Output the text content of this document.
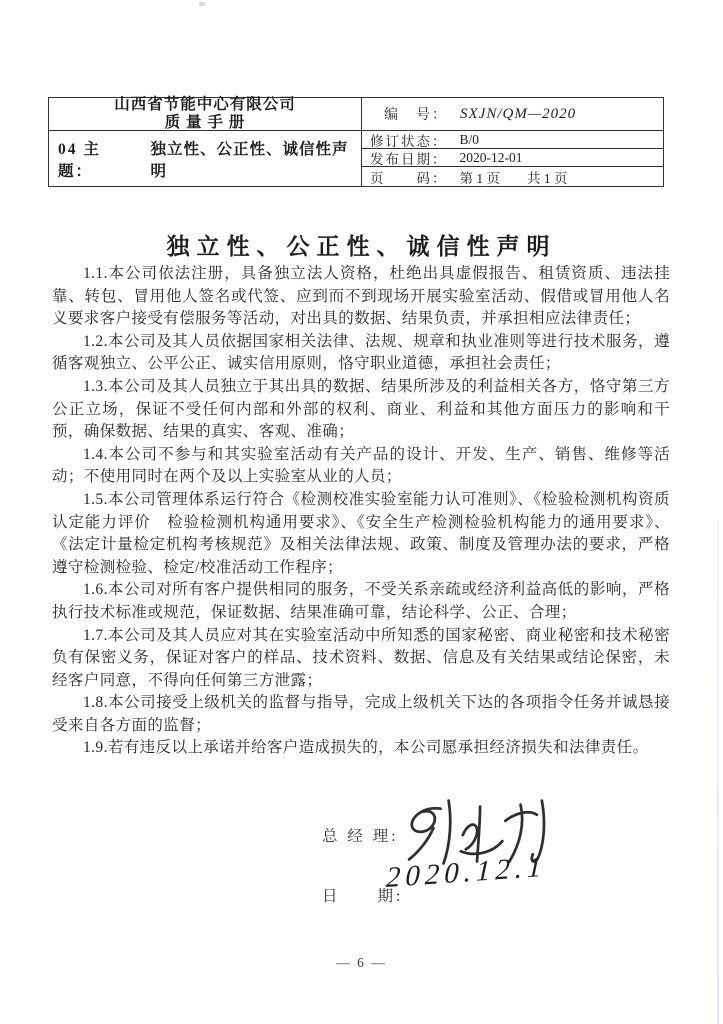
山西省节能中心有限公司
质 量 手 册	编　号： SXJN/QM—2020
04 主题：
独立性、公正性、诚信性声明
修订状态： B/0
发布日期： 2020-12-01
页　　码： 第 1 页　　共 1 页
独立性、公正性、诚信性声明

1.1.本公司依法注册，具备独立法人资格，杜绝出具虚假报告、租赁资质、违法挂靠、转包、冒用他人签名或代签、应到而不到现场开展实验室活动、假借或冒用他人名义要求客户接受有偿服务等活动，对出具的数据、结果负责，并承担相应法律责任；

1.2.本公司及其人员依据国家相关法律、法规、规章和执业准则等进行技术服务，遵循客观独立、公平公正、诚实信用原则，恪守职业道德，承担社会责任；

1.3.本公司及其人员独立于其出具的数据、结果所涉及的利益相关各方，恪守第三方公正立场，保证不受任何内部和外部的权利、商业、利益和其他方面压力的影响和干预，确保数据、结果的真实、客观、准确；

1.4.本公司不参与和其实验室活动有关产品的设计、开发、生产、销售、维修等活动；不使用同时在两个及以上实验室从业的人员；

1.5.本公司管理体系运行符合《检测校准实验室能力认可准则》、《检验检测机构资质认定能力评价　检验检测机构通用要求》、《安全生产检测检验机构能力的通用要求》、《法定计量检定机构考核规范》及相关法律法规、政策、制度及管理办法的要求，严格遵守检测检验、检定/校准活动工作程序；

1.6.本公司对所有客户提供相同的服务，不受关系亲疏或经济利益高低的影响，严格执行技术标准或规范，保证数据、结果准确可靠，结论科学、公正、合理；

1.7.本公司及其人员应对其在实验室活动中所知悉的国家秘密、商业秘密和技术秘密负有保密义务，保证对客户的样品、技术资料、数据、信息及有关结果或结论保密，未经客户同意，不得向任何第三方泄露；

1.8.本公司接受上级机关的监督与指导，完成上级机关下达的各项指令任务并诚恳接受来自各方面的监督；

1.9.若有违反以上承诺并给客户造成损失的，本公司愿承担经济损失和法律责任。

总 经 理:
日　　期:
2020.12.1
— 6 —
